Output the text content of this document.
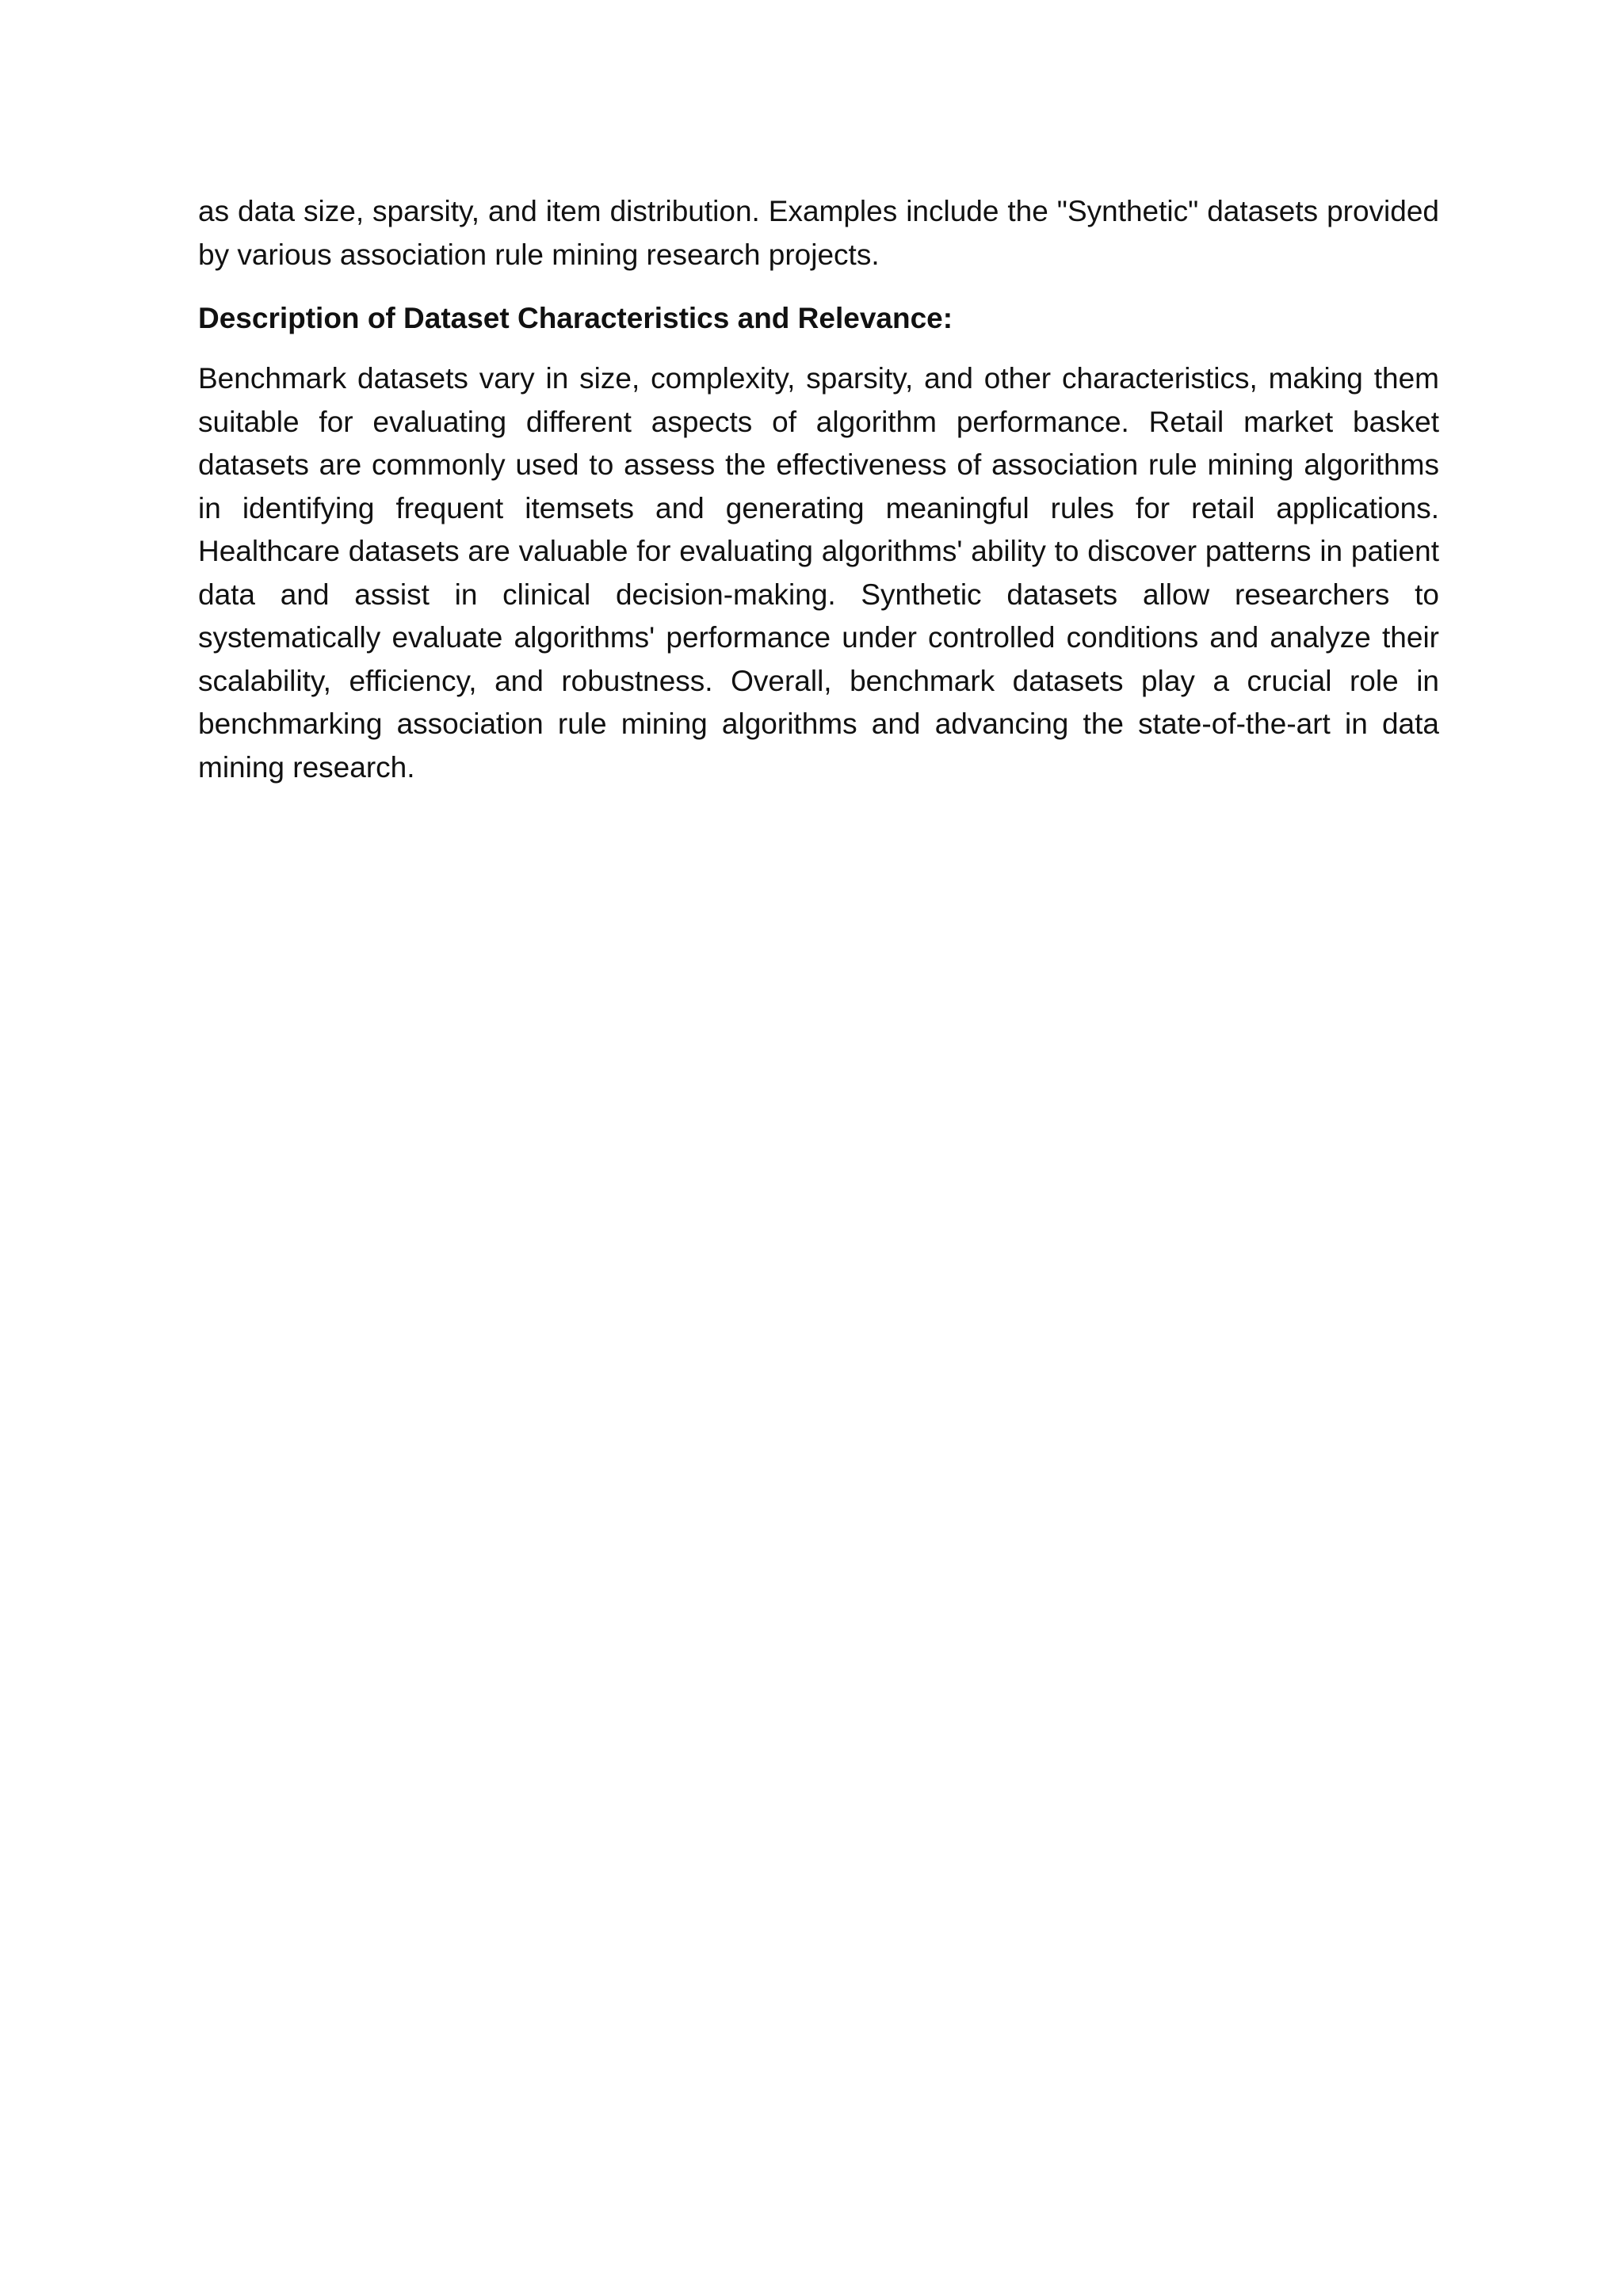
as data size, sparsity, and item distribution. Examples include the "Synthetic" datasets provided by various association rule mining research projects.

Description of Dataset Characteristics and Relevance:

Benchmark datasets vary in size, complexity, sparsity, and other characteristics, making them suitable for evaluating different aspects of algorithm performance. Retail market basket datasets are commonly used to assess the effectiveness of association rule mining algorithms in identifying frequent itemsets and generating meaningful rules for retail applications. Healthcare datasets are valuable for evaluating algorithms' ability to discover patterns in patient data and assist in clinical decision-making. Synthetic datasets allow researchers to systematically evaluate algorithms' performance under controlled conditions and analyze their scalability, efficiency, and robustness. Overall, benchmark datasets play a crucial role in benchmarking association rule mining algorithms and advancing the state-of-the-art in data mining research.
